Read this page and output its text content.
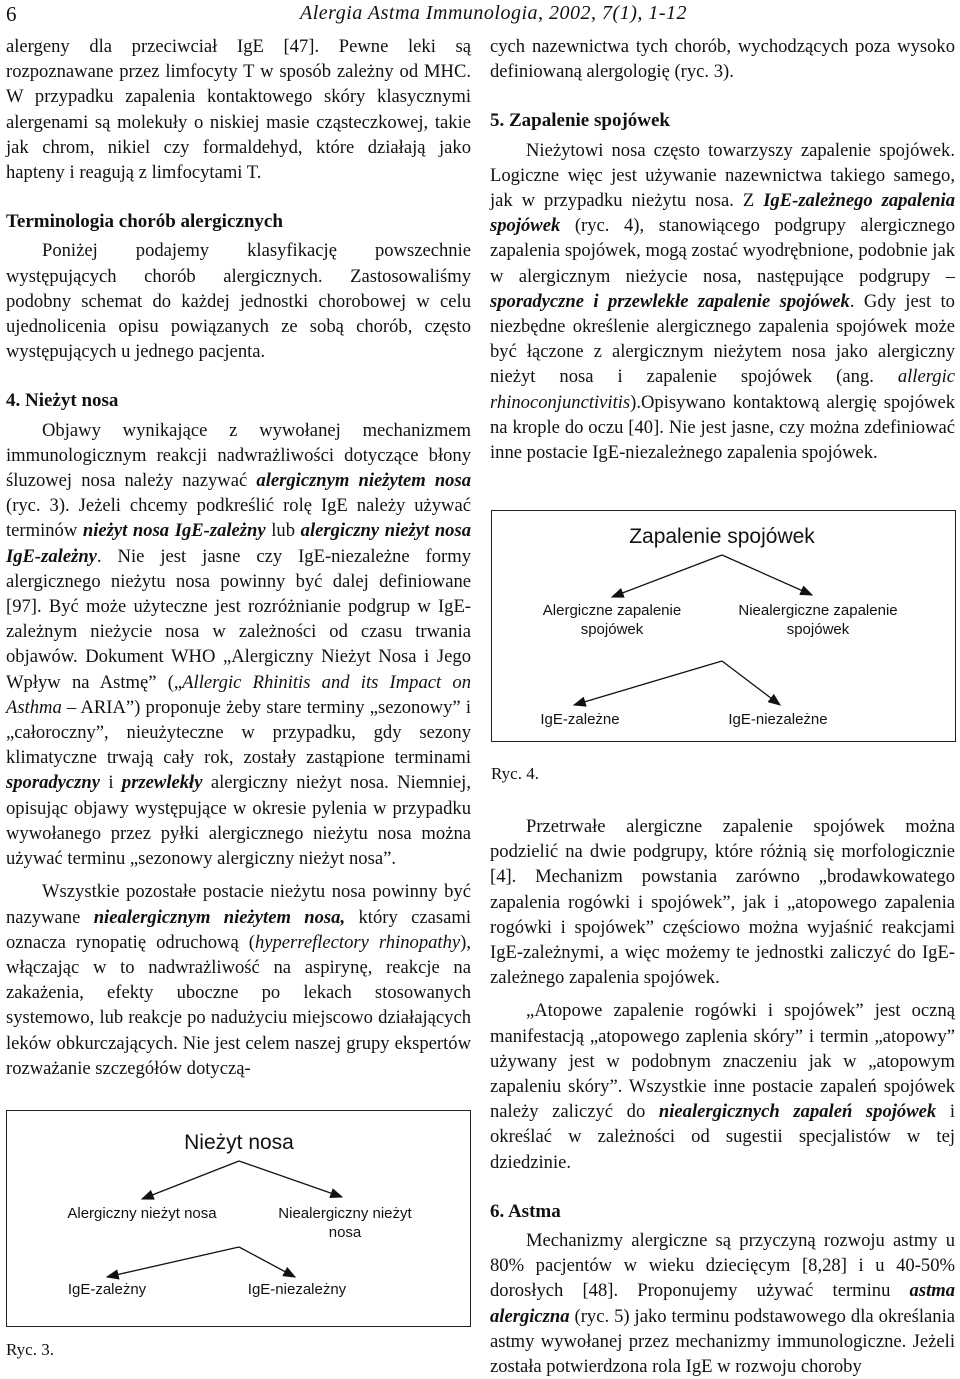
6	Alergia Astma Immunologia, 2002, 7(1), 1-12

alergeny dla przeciwciał IgE [47]. Pewne leki są rozpoznawane przez limfocyty T w sposób zależny od MHC. W przypadku zapalenia kontaktowego skóry klasycznymi alergenami są molekuły o niskiej masie cząsteczkowej, takie jak chrom, nikiel czy formaldehyd, które działają jako hapteny i reagują z limfocytami T.

Terminologia chorób alergicznych

Poniżej podajemy klasyfikację powszechnie występujących chorób alergicznych. Zastosowaliśmy podobny schemat do każdej jednostki chorobowej w celu ujednolicenia opisu powiązanych ze sobą chorób, często występujących u jednego pacjenta.

4. Nieżyt nosa

Objawy wynikające z wywołanej mechanizmem immunologicznym reakcji nadwrażliwości dotyczące błony śluzowej nosa należy nazywać alergicznym nieżytem nosa (ryc. 3). Jeżeli chcemy podkreślić rolę IgE należy używać terminów nieżyt nosa IgE-zależny lub alergiczny nieżyt nosa IgE-zależny. Nie jest jasne czy IgE-niezależne formy alergicznego nieżytu nosa powinny być dalej definiowane [97]. Być może użyteczne jest rozróżnianie podgrup w IgE-zależnym nieżycie nosa w zależności od czasu trwania objawów. Dokument WHO „Alergiczny Nieżyt Nosa i Jego Wpływ na Astmę” („Allergic Rhinitis and its Impact on Asthma – ARIA”) proponuje żeby stare terminy „sezonowy” i „całoroczny”, nieużyteczne w przypadku, gdy sezony klimatyczne trwają cały rok, zostały zastąpione terminami sporadyczny i przewlekły alergiczny nieżyt nosa. Niemniej, opisując objawy występujące w okresie pylenia w przypadku wywołanego przez pyłki alergicznego nieżytu nosa można używać terminu „sezonowy alergiczny nieżyt nosa”.

Wszystkie pozostałe postacie nieżytu nosa powinny być nazywane niealergicznym nieżytem nosa, który czasami oznacza rynopatię odruchową (hyperreflectory rhinopathy), włączając w to nadwrażliwość na aspirynę, reakcje na zakażenia, efekty uboczne po lekach stosowanych systemowo, lub reakcje po nadużyciu miejscowo działających leków obkurczających. Nie jest celem naszej grupy ekspertów rozważanie szczegółów dotyczą-

cych nazewnictwa tych chorób, wychodzących poza wysoko definiowaną alergologię (ryc. 3).

5. Zapalenie spojówek

Nieżytowi nosa często towarzyszy zapalenie spojówek. Logiczne więc jest używanie nazewnictwa takiego samego, jak w przypadku nieżytu nosa. Z IgE-zależnego zapalenia spojówek (ryc. 4), stanowiącego podgrupy alergicznego zapalenia spojówek, mogą zostać wyodrębnione, podobnie jak w alergicznym nieżycie nosa, następujące podgrupy – sporadyczne i przewlekłe zapalenie spojówek. Gdy jest to niezbędne określenie alergicznego zapalenia spojówek może być łączone z alergicznym nieżytem nosa jako alergiczny nieżyt nosa i zapalenie spojówek (ang. allergic rhinoconjunctivitis).Opisywano kontaktową alergię spojówek na krople do oczu [40]. Nie jest jasne, czy można zdefiniować inne postacie IgE-niezależnego zapalenia spojówek.

Zapalenie spojówek
Alergiczne zapalenie
spojówek
Niealergiczne zapalenie
spojówek
IgE-zależne	IgE-niezależne
Ryc. 4.

Przetrwałe alergiczne zapalenie spojówek można podzielić na dwie podgrupy, które różnią się morfologicznie [4]. Mechanizm powstania zarówno „brodawkowatego zapalenia rogówki i spojówek”, jak i „atopowego zapalenia rogówki i spojówek” częściowo można wyjaśnić reakcjami IgE-zależnymi, a więc możemy te jednostki zaliczyć do IgE-zależnego zapalenia spojówek.

„Atopowe zapalenie rogówki i spojówek” jest oczną manifestacją „atopowego zaplenia skóry” i termin „atopowy” używany jest w podobnym znaczeniu jak w „atopowym zapaleniu skóry”. Wszystkie inne postacie zapaleń spojówek należy zaliczyć do niealergicznych zapaleń spojówek i określać w zależności od sugestii specjalistów w tej dziedzinie.

6. Astma

Mechanizmy alergiczne są przyczyną rozwoju astmy u 80% pacjentów w wieku dziecięcym [8,28] i u 40-50% dorosłych [48]. Proponujemy używać terminu astma alergiczna (ryc. 5) jako terminu podstawowego dla określania astmy wywołanej przez mechanizmy immunologiczne. Jeżeli została potwierdzona rola IgE w rozwoju choroby

Nieżyt nosa
Alergiczny nieżyt nosa	Niealergiczny nieżyt
nosa
IgE-zależny	IgE-niezależny
Ryc. 3.
